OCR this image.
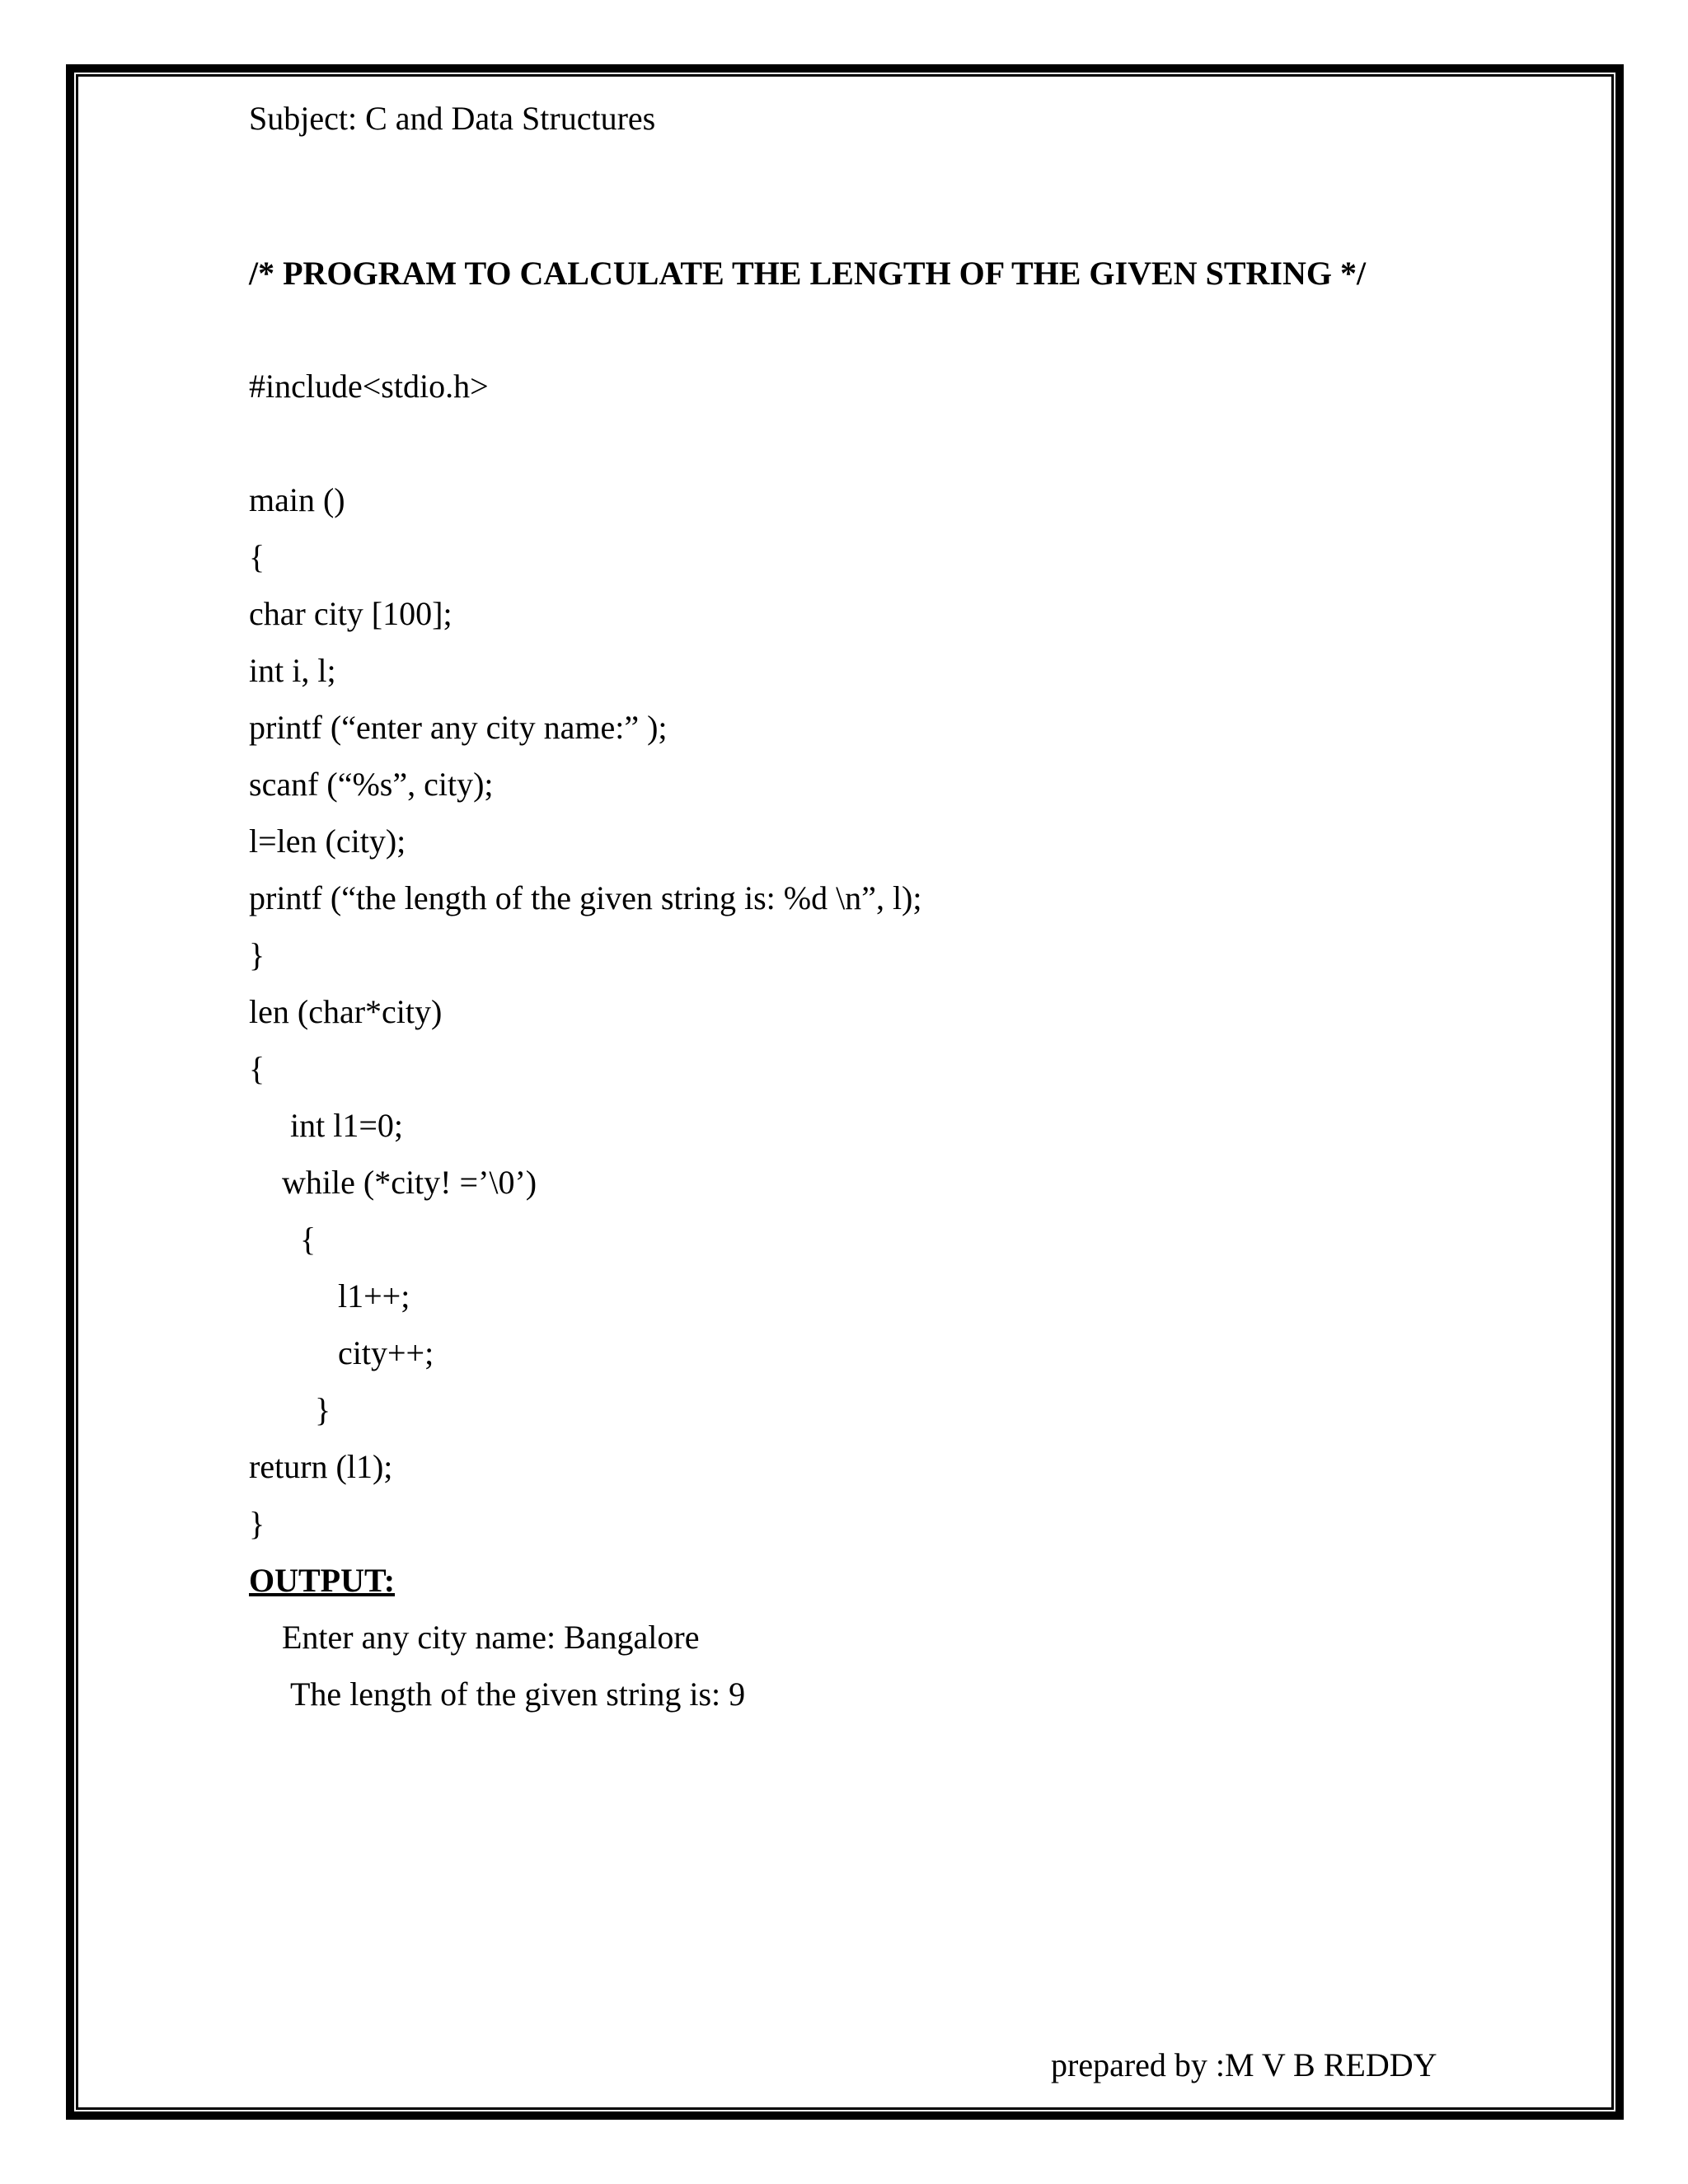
Subject: C and Data Structures

/* PROGRAM TO CALCULATE THE LENGTH OF THE GIVEN STRING */

#include<stdio.h>

main ()

{

char city [100];

int i, l;

printf (“enter any city name:” );

scanf (“%s”, city);

l=len (city);

printf (“the length of the given string is: %d \n”, l);

}

len (char*city)

{

int l1=0;

while (*city! =’\0’)

{

l1++;

city++;

}

return (l1);

}

OUTPUT:

Enter any city name: Bangalore

The length of the given string is: 9

prepared by :M V B REDDY
